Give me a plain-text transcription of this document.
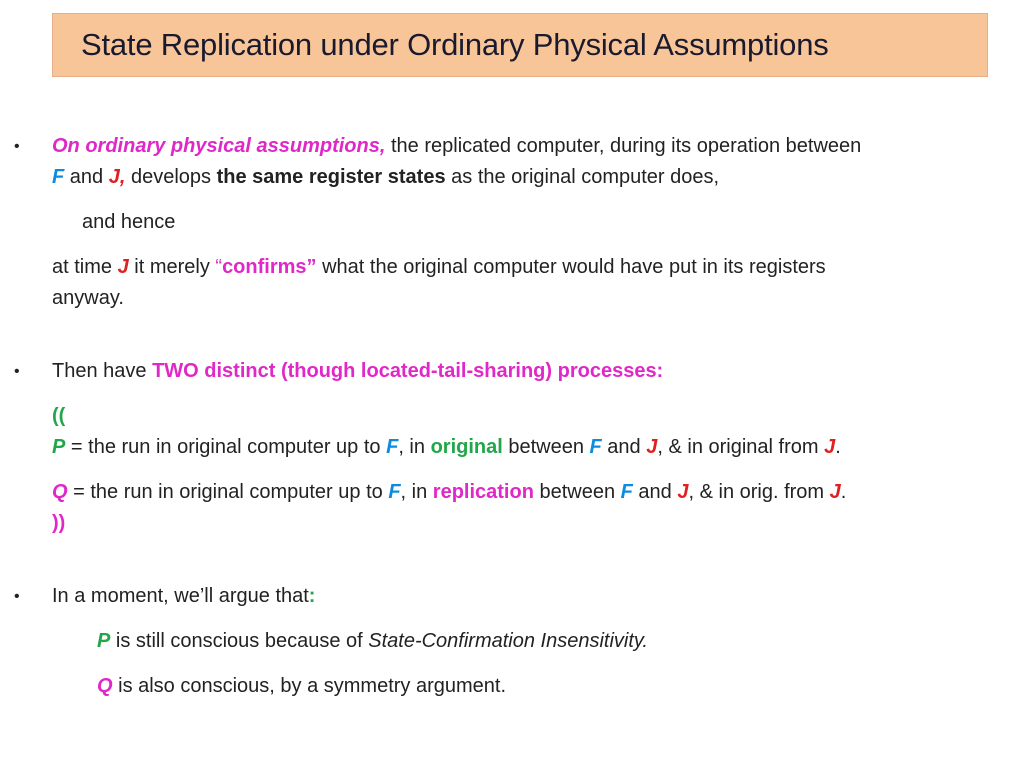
State Replication under Ordinary Physical Assumptions
• On ordinary physical assumptions, the replicated computer, during its operation between
F and J, develops the same register states as the original computer does,
and hence
at time J it merely “confirms” what the original computer would have put in its registers
anyway.
• Then have TWO distinct (though located-tail-sharing) processes:
((
P = the run in original computer up to F, in original between F and J, & in original from J.
Q = the run in original computer up to F, in replication between F and J, & in orig. from J.
))
• In a moment, we’ll argue that:
P is still conscious because of State-Confirmation Insensitivity.
Q is also conscious, by a symmetry argument.
